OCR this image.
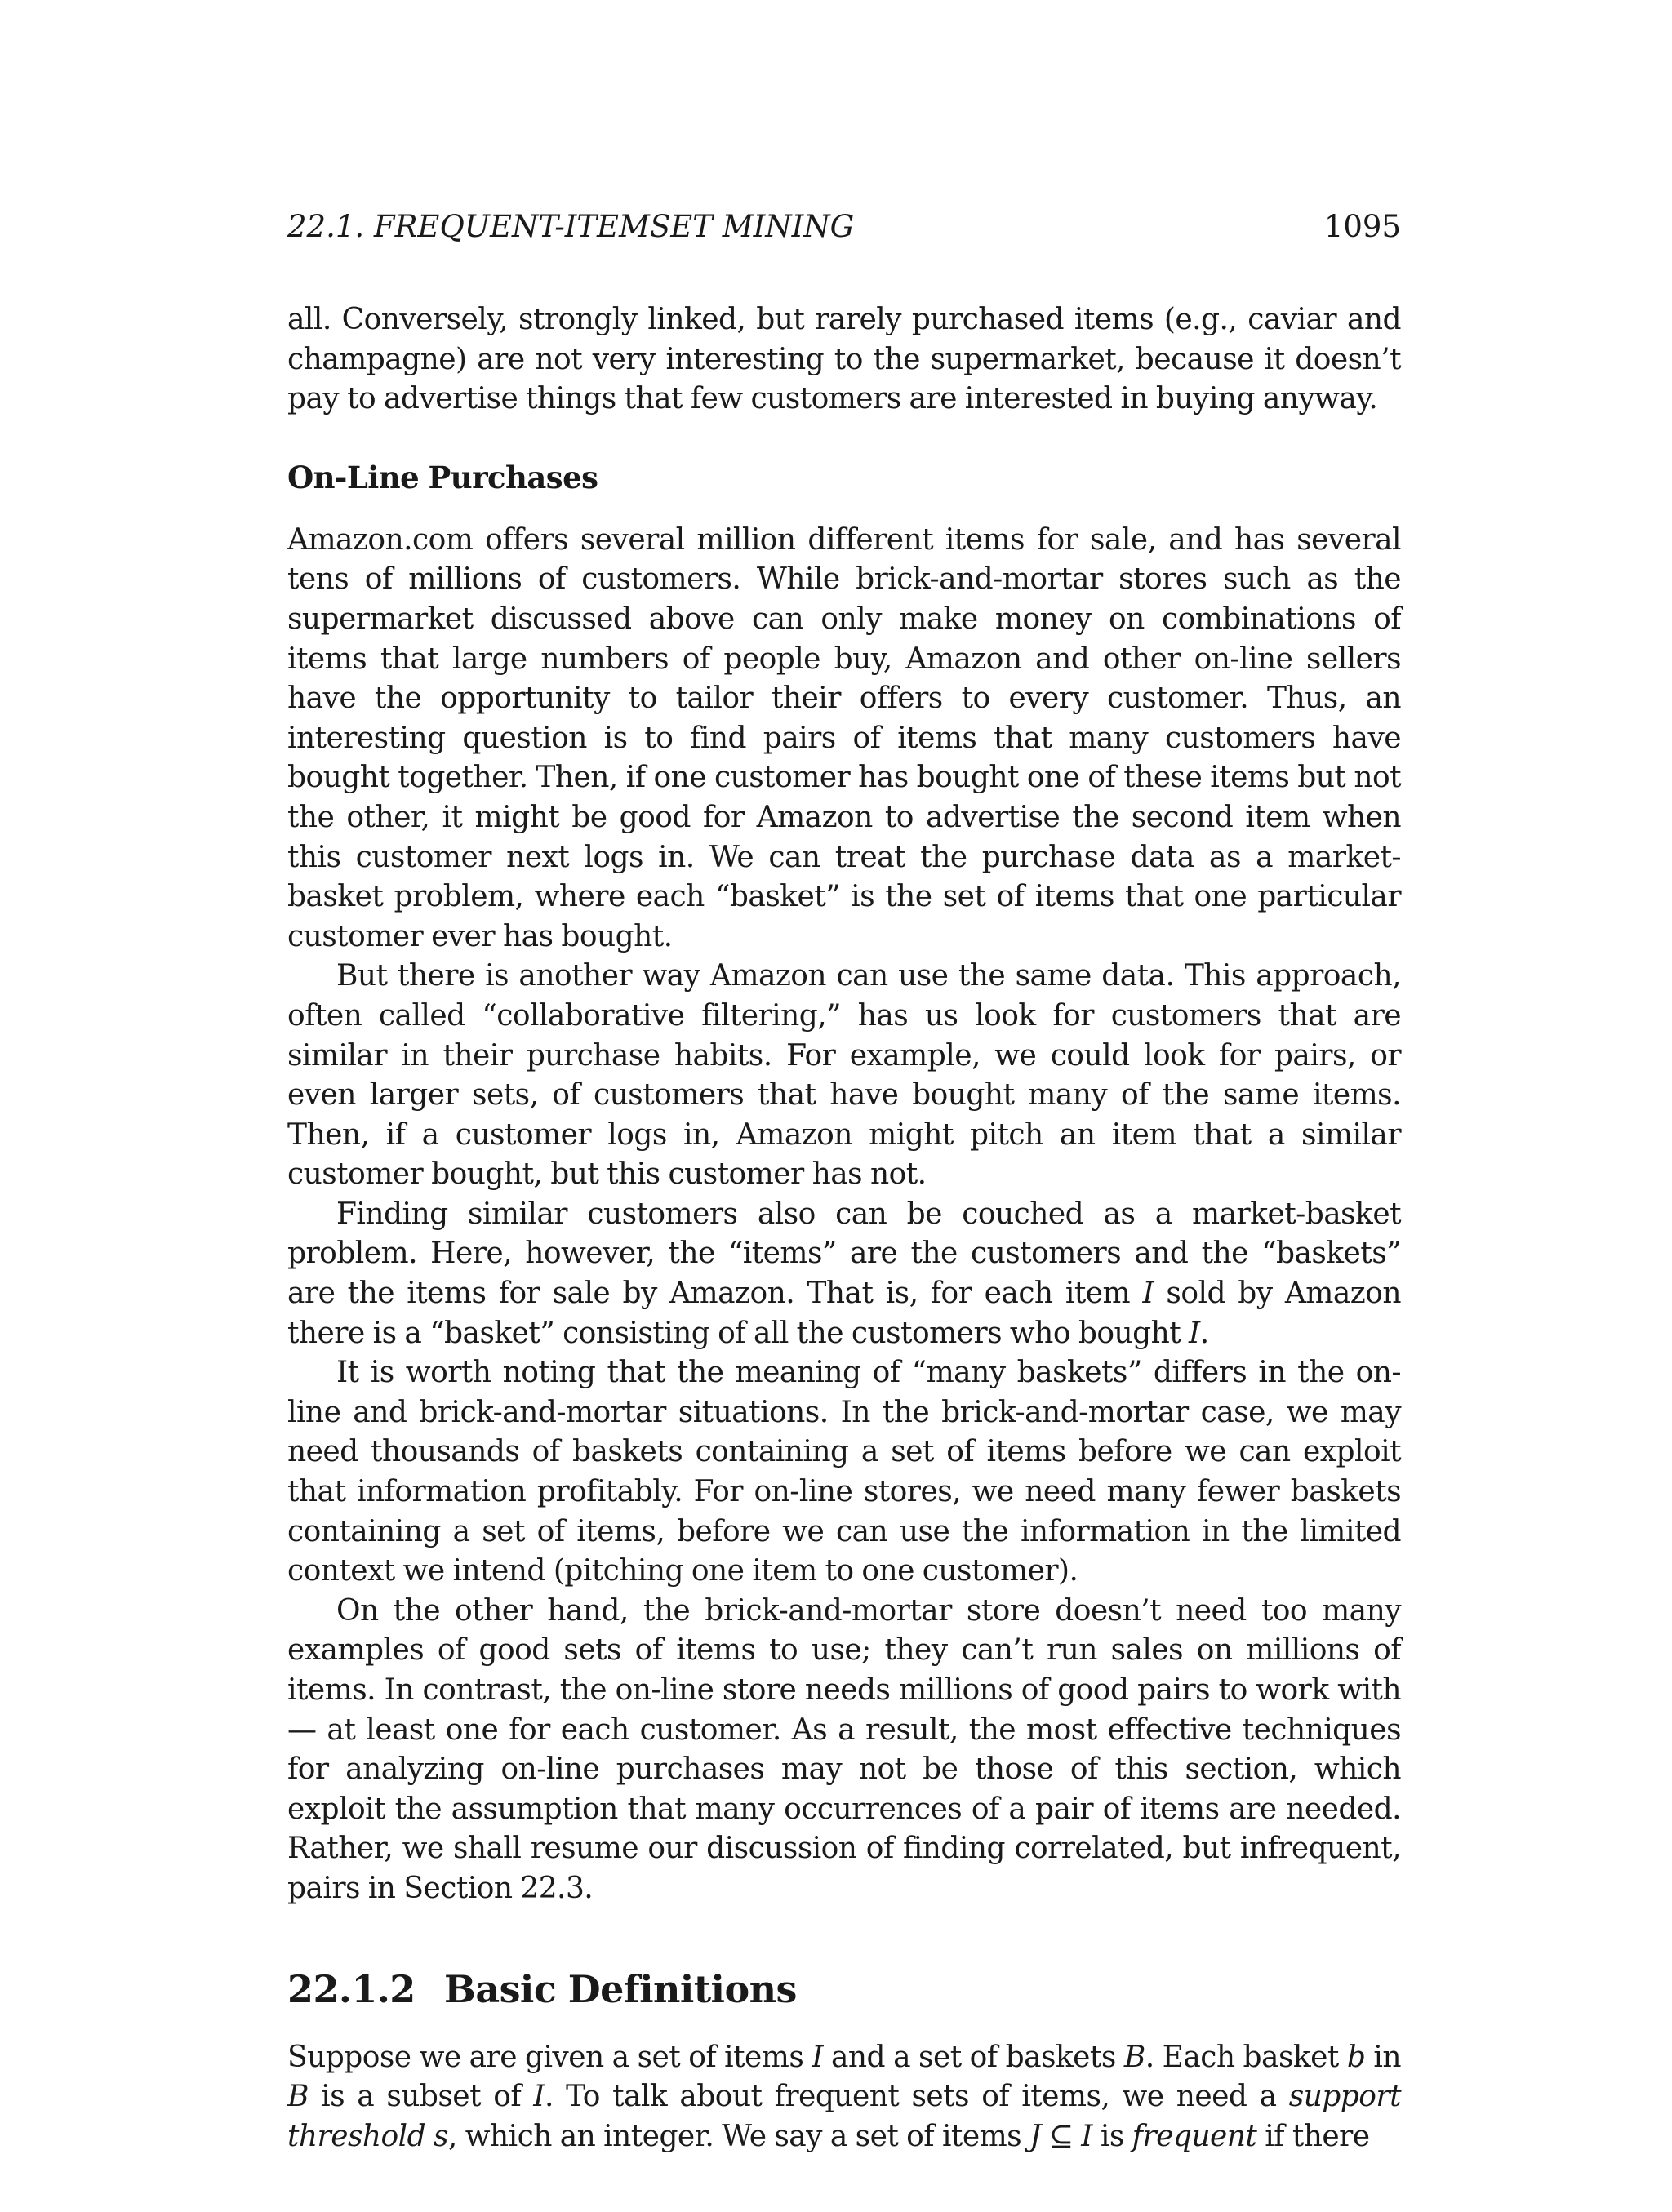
22.1. FREQUENT-ITEMSET MINING	1095

all. Conversely, strongly linked, but rarely purchased items (e.g., caviar and champagne) are not very interesting to the supermarket, because it doesn’t pay to advertise things that few customers are interested in buying anyway.

On-Line Purchases

Amazon.com offers several million different items for sale, and has several tens of millions of customers. While brick-and-mortar stores such as the supermarket discussed above can only make money on combinations of items that large numbers of people buy, Amazon and other on-line sellers have the opportunity to tailor their offers to every customer. Thus, an interesting question is to find pairs of items that many customers have bought together. Then, if one customer has bought one of these items but not the other, it might be good for Amazon to advertise the second item when this customer next logs in. We can treat the purchase data as a market-basket problem, where each “basket” is the set of items that one particular customer ever has bought.

But there is another way Amazon can use the same data. This approach, often called “collaborative filtering,” has us look for customers that are similar in their purchase habits. For example, we could look for pairs, or even larger sets, of customers that have bought many of the same items. Then, if a customer logs in, Amazon might pitch an item that a similar customer bought, but this customer has not.

Finding similar customers also can be couched as a market-basket problem. Here, however, the “items” are the customers and the “baskets” are the items for sale by Amazon. That is, for each item I sold by Amazon there is a “basket” consisting of all the customers who bought I.

It is worth noting that the meaning of “many baskets” differs in the on-line and brick-and-mortar situations. In the brick-and-mortar case, we may need thousands of baskets containing a set of items before we can exploit that information profitably. For on-line stores, we need many fewer baskets containing a set of items, before we can use the information in the limited context we intend (pitching one item to one customer).

On the other hand, the brick-and-mortar store doesn’t need too many examples of good sets of items to use; they can’t run sales on millions of items. In contrast, the on-line store needs millions of good pairs to work with — at least one for each customer. As a result, the most effective techniques for analyzing on-line purchases may not be those of this section, which exploit the assumption that many occurrences of a pair of items are needed. Rather, we shall resume our discussion of finding correlated, but infrequent, pairs in Section 22.3.

22.1.2 Basic Definitions

Suppose we are given a set of items I and a set of baskets B. Each basket b in B is a subset of I. To talk about frequent sets of items, we need a support threshold s, which an integer. We say a set of items J ⊆ I is frequent if there
